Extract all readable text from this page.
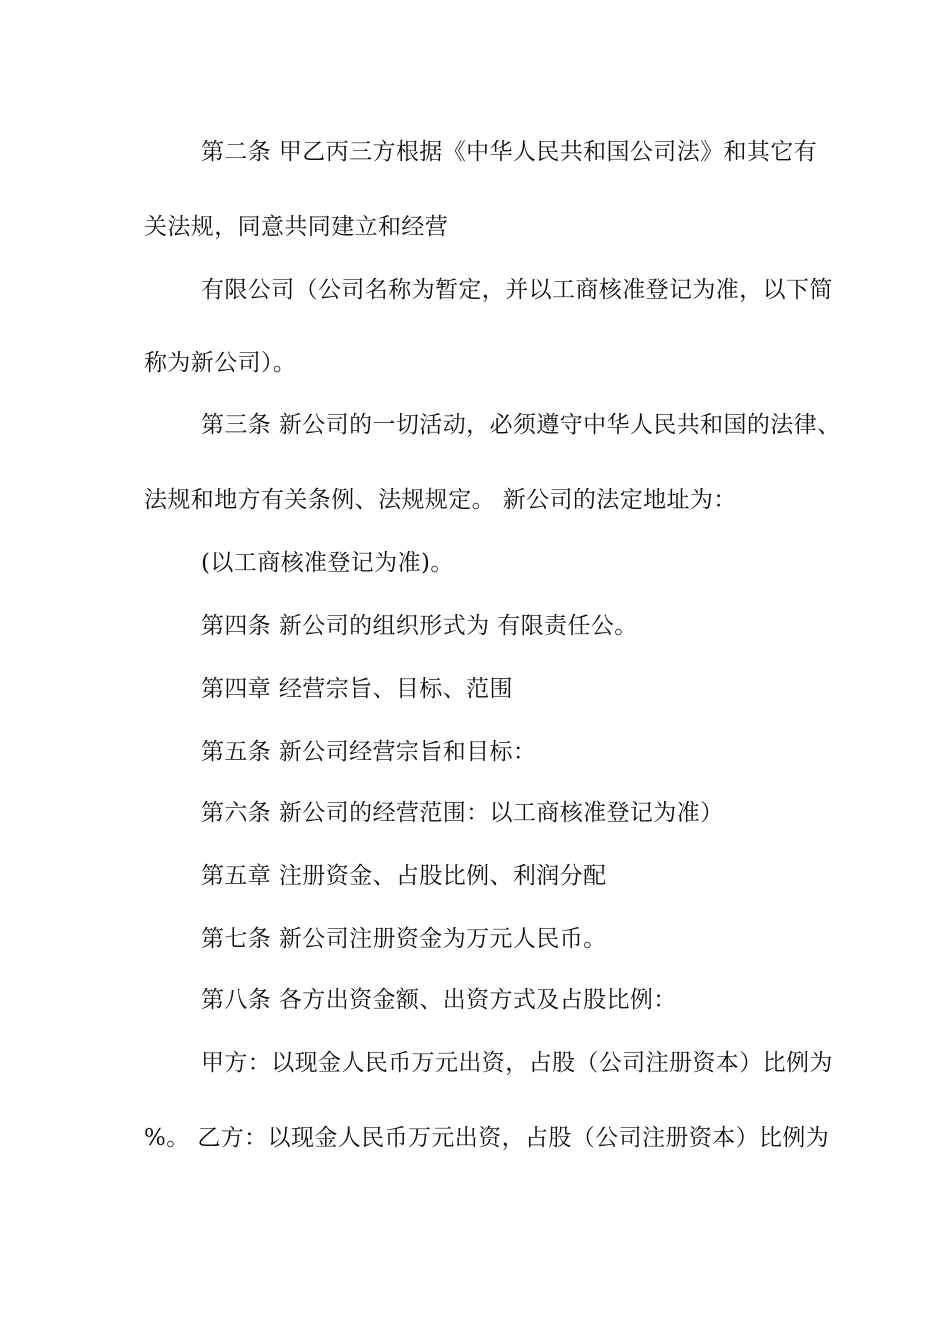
第二条 甲乙丙三方根据《中华人民共和国公司法》和其它有
关法规，同意共同建立和经营
有限公司（公司名称为暂定，并以工商核准登记为准，以下简
称为新公司）。
第三条 新公司的一切活动，必须遵守中华人民共和国的法律、
法规和地方有关条例、法规规定。 新公司的法定地址为：
(以工商核准登记为准)。
第四条 新公司的组织形式为 有限责任公。
第四章 经营宗旨、目标、范围
第五条 新公司经营宗旨和目标：
第六条 新公司的经营范围：以工商核准登记为准）
第五章 注册资金、占股比例、利润分配
第七条 新公司注册资金为万元人民币。
第八条 各方出资金额、出资方式及占股比例：
甲方：以现金人民币万元出资，占股（公司注册资本）比例为
%。 乙方：以现金人民币万元出资，占股（公司注册资本）比例为
